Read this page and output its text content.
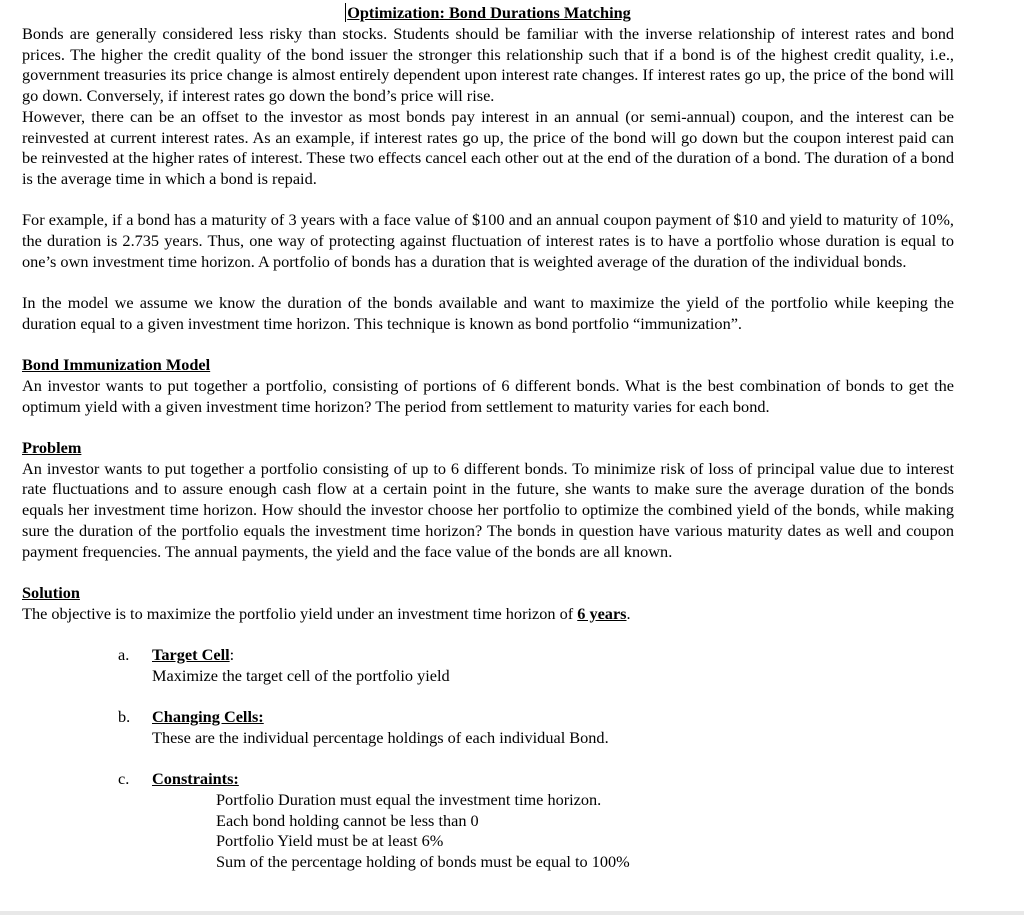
Optimization: Bond Durations Matching

Bonds are generally considered less risky than stocks. Students should be familiar with the inverse relationship of interest rates and bond prices. The higher the credit quality of the bond issuer the stronger this relationship such that if a bond is of the highest credit quality, i.e., government treasuries its price change is almost entirely dependent upon interest rate changes. If interest rates go up, the price of the bond will go down. Conversely, if interest rates go down the bond’s price will rise.

However, there can be an offset to the investor as most bonds pay interest in an annual (or semi-annual) coupon, and the interest can be reinvested at current interest rates. As an example, if interest rates go up, the price of the bond will go down but the coupon interest paid can be reinvested at the higher rates of interest. These two effects cancel each other out at the end of the duration of a bond. The duration of a bond is the average time in which a bond is repaid.

For example, if a bond has a maturity of 3 years with a face value of $100 and an annual coupon payment of $10 and yield to maturity of 10%, the duration is 2.735 years. Thus, one way of protecting against fluctuation of interest rates is to have a portfolio whose duration is equal to one’s own investment time horizon. A portfolio of bonds has a duration that is weighted average of the duration of the individual bonds.

In the model we assume we know the duration of the bonds available and want to maximize the yield of the portfolio while keeping the duration equal to a given investment time horizon. This technique is known as bond portfolio “immunization”.

Bond Immunization Model

An investor wants to put together a portfolio, consisting of portions of 6 different bonds. What is the best combination of bonds to get the optimum yield with a given investment time horizon? The period from settlement to maturity varies for each bond.

Problem

An investor wants to put together a portfolio consisting of up to 6 different bonds. To minimize risk of loss of principal value due to interest rate fluctuations and to assure enough cash flow at a certain point in the future, she wants to make sure the average duration of the bonds equals her investment time horizon. How should the investor choose her portfolio to optimize the combined yield of the bonds, while making sure the duration of the portfolio equals the investment time horizon? The bonds in question have various maturity dates as well and coupon payment frequencies. The annual payments, the yield and the face value of the bonds are all known.

Solution

The objective is to maximize the portfolio yield under an investment time horizon of 6 years.

a.	Target Cell:
Maximize the target cell of the portfolio yield
b.	Changing Cells:
These are the individual percentage holdings of each individual Bond.
c.	Constraints:
Portfolio Duration must equal the investment time horizon.
Each bond holding cannot be less than 0
Portfolio Yield must be at least 6%
Sum of the percentage holding of bonds must be equal to 100%
